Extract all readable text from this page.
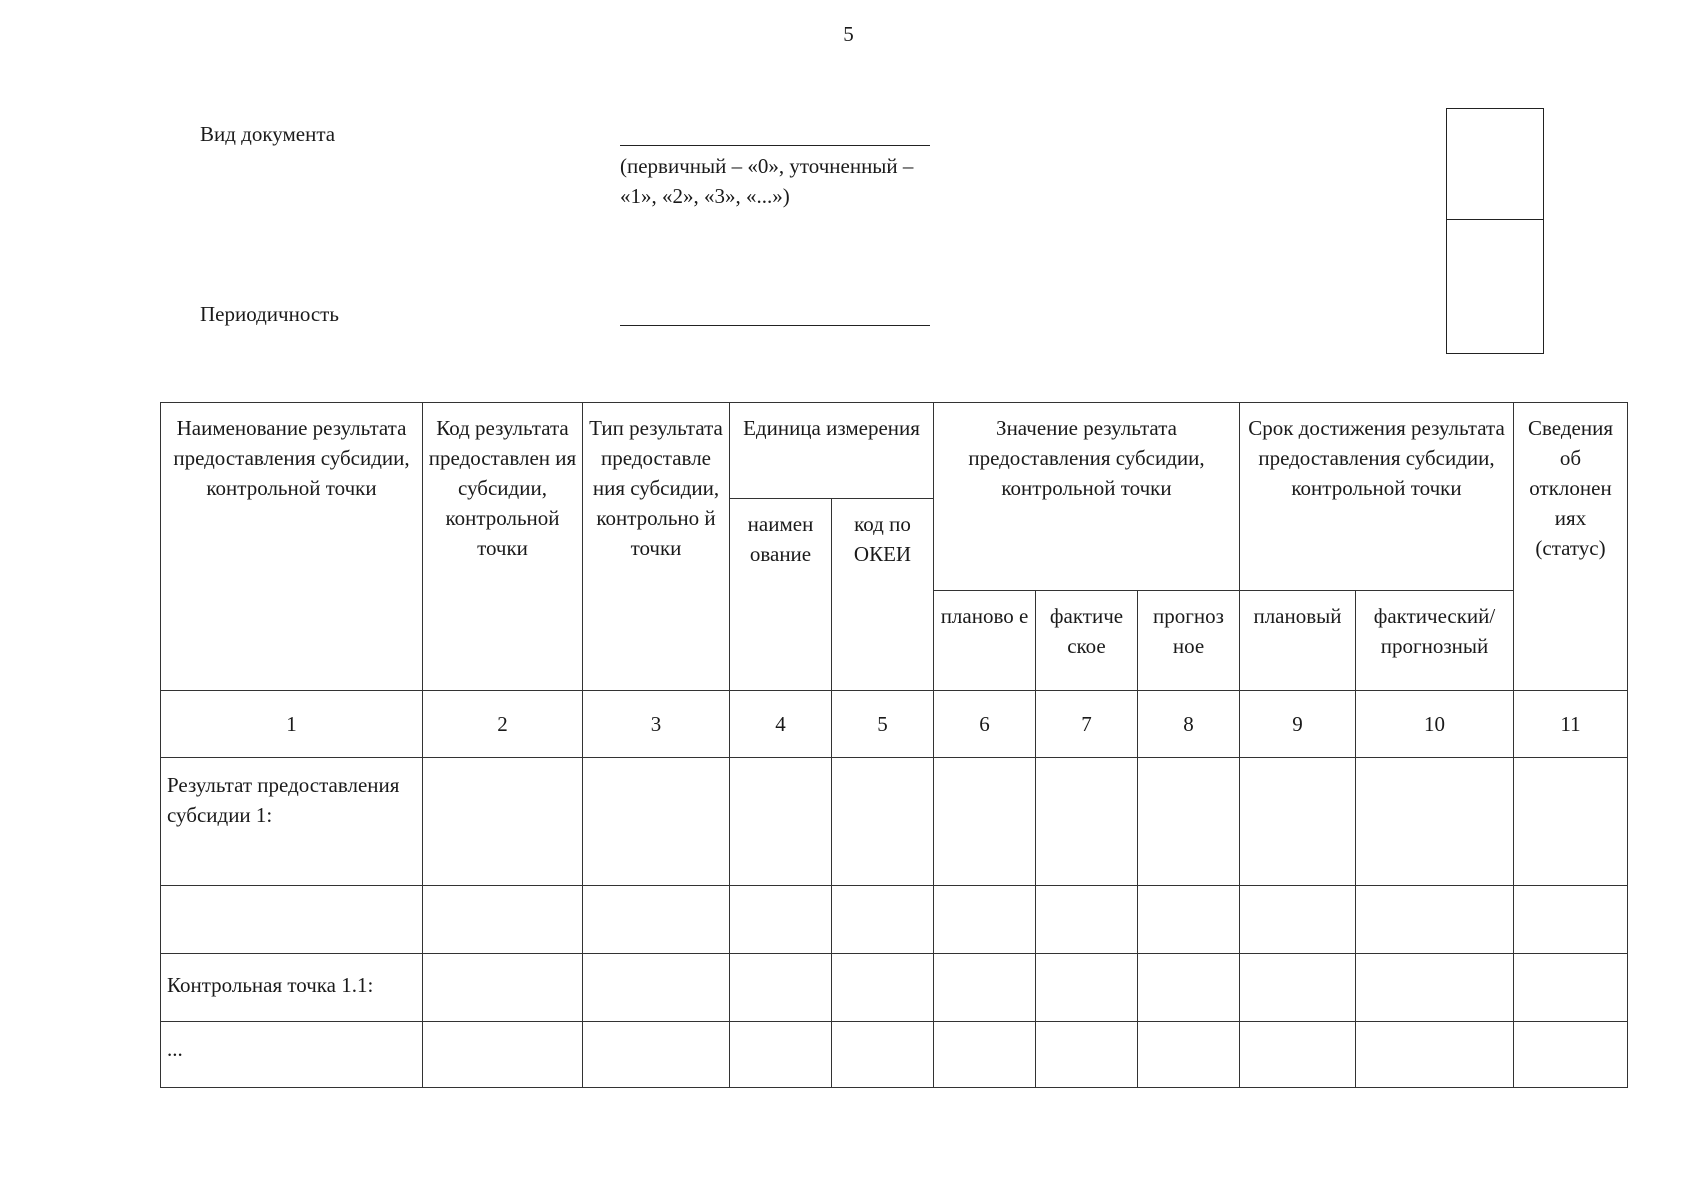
5
Вид документа
(первичный – «0», уточненный –
«1», «2», «3», «...»)
Периодичность
Наименование результата предоставления субсидии, контрольной точки	Код результата предоставлен ия субсидии, контрольной точки	Тип результата предоставле ния субсидии, контрольно й точки	Единица измерения		Значение результата предоставления субсидии, контрольной точки			Срок достижения результата предоставления субсидии, контрольной точки		Сведения об отклонен иях (статус)
			наимен ование	код по ОКЕИ						
					планово е	фактиче ское	прогноз ное	плановый	фактический/ прогнозный	
1	2	3	4	5	6	7	8	9	10	11
Результат предоставления субсидии 1:										

Контрольная точка 1.1:										
...										
